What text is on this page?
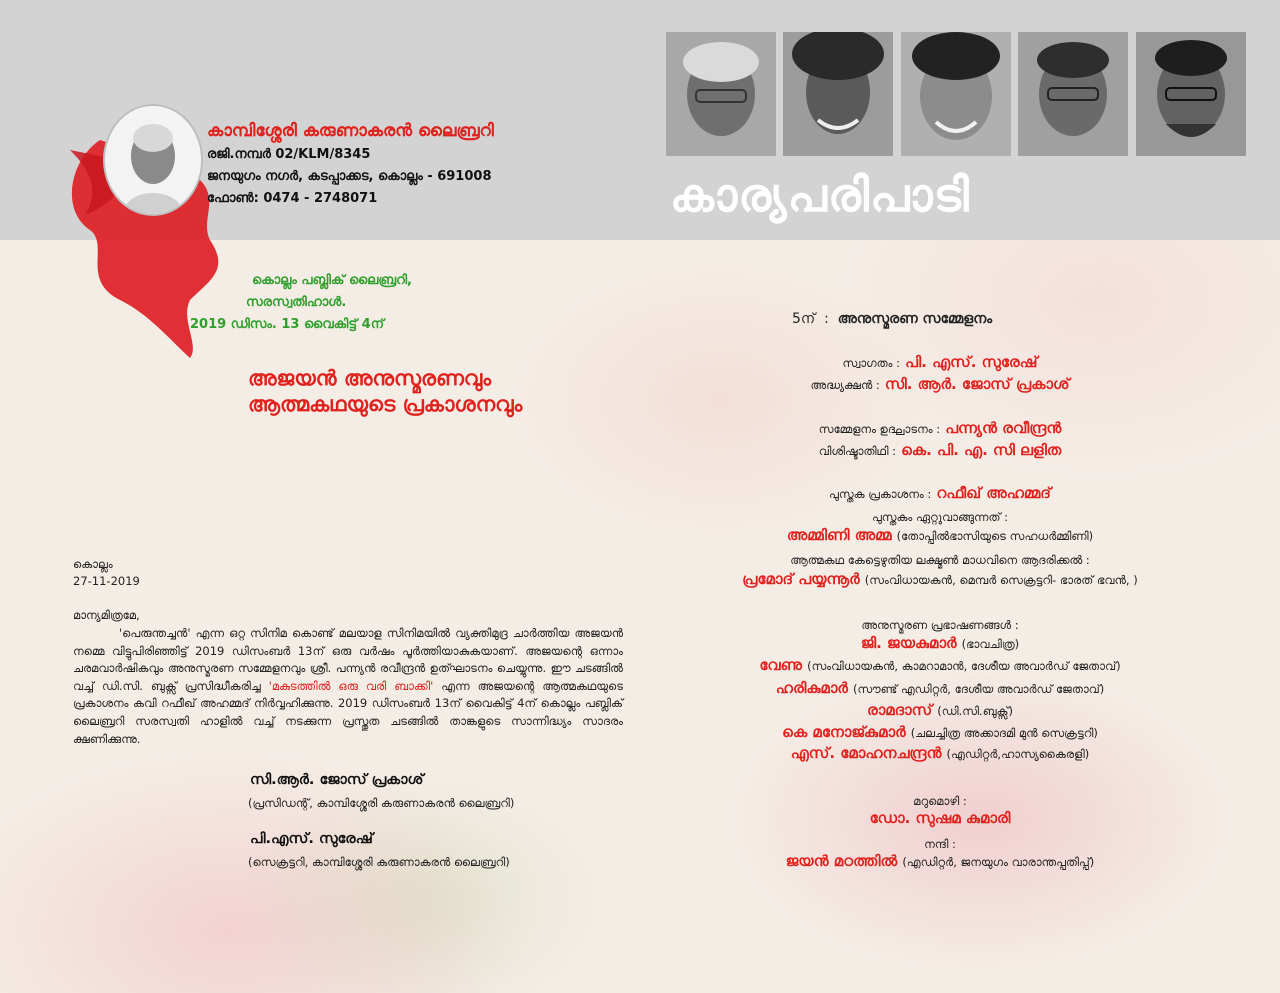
കാമ്പിശ്ശേരി കരുണാകരൻ ലൈബ്രറി
രജി.നമ്പർ 02/KLM/8345
ജനയുഗം നഗർ, കടപ്പാക്കട, കൊല്ലം - 691008
ഫോൺ: 0474 - 2748071	കാര്യപരിപാടി
കൊല്ലം പബ്ലിക് ലൈബ്രറി,
സരസ്വതിഹാൾ.
2019 ഡിസം. 13 വൈകിട്ട് 4ന്
അജയൻ അനുസ്മരണവും
ആത്മകഥയുടെ പ്രകാശനവും
കൊല്ലം
27-11-2019
മാന്യമിത്രമേ,

'പെരുന്തച്ചൻ' എന്ന ഒറ്റ സിനിമ കൊണ്ട് മലയാള സിനിമയിൽ വ്യക്തിമുദ്ര ചാർത്തിയ അജയൻ നമ്മെ വിട്ടുപിരിഞ്ഞിട്ട് 2019 ഡിസംബർ 13ന് ഒരു വർഷം പൂർത്തിയാകുകയാണ്. അജയന്റെ ഒന്നാം ചരമവാർഷികവും അനുസ്മരണ സമ്മേളനവും ശ്രീ. പന്ന്യൻ രവീന്ദ്രൻ ഉത്ഘാടനം ചെയ്യുന്നു. ഈ ചടങ്ങിൽ വച്ച് ഡി.സി. ബുക്സ് പ്രസിദ്ധീകരിച്ച 'മകുടത്തിൽ ഒരു വരി ബാക്കി' എന്ന അജയന്റെ ആത്മകഥയുടെ പ്രകാശനം കവി റഫീഖ് അഹമ്മദ് നിർവ്വഹിക്കുന്നു. 2019 ഡിസംബർ 13ന് വൈകിട്ട് 4ന് കൊല്ലം പബ്ലിക് ലൈബ്രറി സരസ്വതി ഹാളിൽ വച്ച് നടക്കുന്ന പ്രസ്തുത ചടങ്ങിൽ താങ്കളുടെ സാന്നിദ്ധ്യം സാദരം ക്ഷണിക്കുന്നു.

സി.ആർ. ജോസ് പ്രകാശ്
(പ്രസിഡന്റ്, കാമ്പിശ്ശേരി കരുണാകരൻ ലൈബ്രറി)
പി.എസ്. സുരേഷ്
(സെക്രട്ടറി, കാമ്പിശ്ശേരി കരുണാകരൻ ലൈബ്രറി)
5ന്  :  അനുസ്മരണ സമ്മേളനം
സ്വാഗതം : പി. എസ്. സുരേഷ്
അദ്ധ്യക്ഷൻ : സി. ആർ. ജോസ് പ്രകാശ്
സമ്മേളനം ഉദ്ഘാടനം : പന്ന്യൻ രവീന്ദ്രൻ
വിശിഷ്ടാതിഥി : കെ. പി. എ. സി ലളിത
പുസ്തക പ്രകാശനം : റഫീഖ് അഹമ്മദ്
പുസ്തകം ഏറ്റുവാങ്ങുന്നത് :
അമ്മിണി അമ്മ (തോപ്പിൽഭാസിയുടെ സഹധർമ്മിണി)
ആത്മകഥ കേട്ടെഴുതിയ ലക്ഷ്മൺ മാധവിനെ ആദരിക്കൽ :
പ്രമോദ് പയ്യന്നൂർ (സംവിധായകൻ, മെമ്പർ സെക്രട്ടറി- ഭാരത് ഭവൻ, )
അനുസ്മരണ പ്രഭാഷണങ്ങൾ :
ജി. ജയകുമാർ (ഭാവചിത്ര)
വേണു (സംവിധായകൻ, കാമറാമാൻ, ദേശീയ അവാർഡ് ജേതാവ്)
ഹരികുമാർ (സൗണ്ട് എഡിറ്റർ, ദേശീയ അവാർഡ് ജേതാവ്)
രാമദാസ് (ഡി.സി.ബുക്സ്)
കെ മനോജ്കുമാർ (ചലച്ചിത്ര അക്കാദമി മുൻ സെക്രട്ടറി)
എസ്. മോഹനചന്ദ്രൻ (എഡിറ്റർ,ഹാസ്യകൈരളി)
മറുമൊഴി :
ഡോ. സുഷമ കുമാരി
നന്ദി :
ജയൻ മഠത്തിൽ (എഡിറ്റർ, ജനയുഗം വാരാന്തപ്പതിപ്പ്)
